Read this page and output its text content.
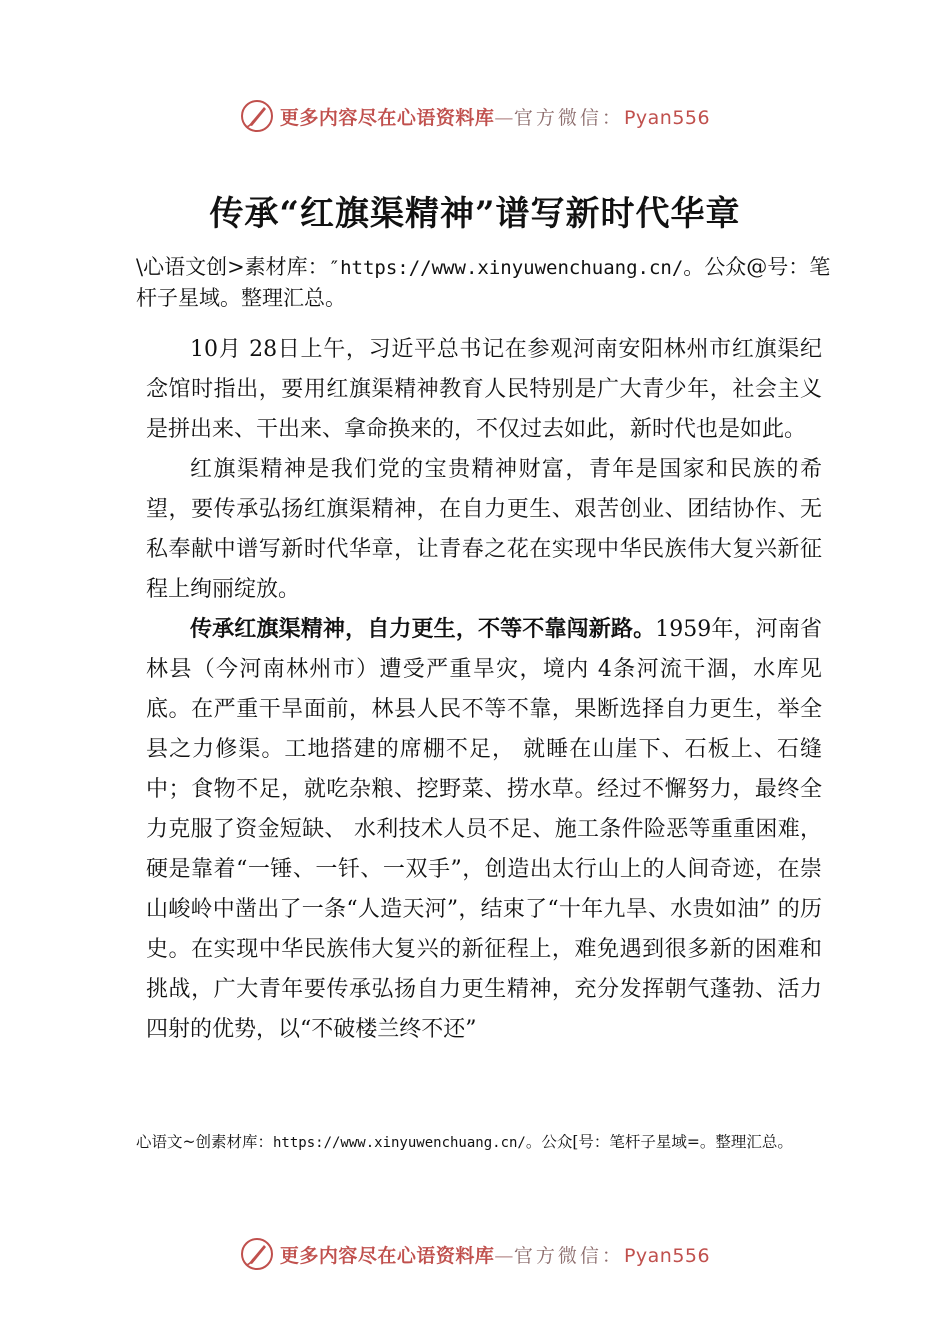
更多内容尽在心语资料库—官方微信：Pyan556
传承“红旗渠精神”谱写新时代华章
\心语文创>素材库：″https://www.xinyuwenchuang.cn/。公众@号：笔杆子星域。整理汇总。

10月 28日上午，习近平总书记在参观河南安阳林州市红旗渠纪念馆时指出，要用红旗渠精神教育人民特别是广大青少年，社会主义是拼出来、干出来、拿命换来的，不仅过去如此，新时代也是如此。

红旗渠精神是我们党的宝贵精神财富，青年是国家和民族的希望，要传承弘扬红旗渠精神，在自力更生、艰苦创业、团结协作、无私奉献中谱写新时代华章，让青春之花在实现中华民族伟大复兴新征程上绚丽绽放。

传承红旗渠精神，自力更生，不等不靠闯新路。1959年，河南省林县（今河南林州市）遭受严重旱灾，境内 4条河流干涸，水库见底。在严重干旱面前，林县人民不等不靠，果断选择自力更生，举全县之力修渠。工地搭建的席棚不足， 就睡在山崖下、石板上、石缝中；食物不足，就吃杂粮、挖野菜、捞水草。经过不懈努力，最终全力克服了资金短缺、 水利技术人员不足、施工条件险恶等重重困难，硬是靠着“一锤、一钎、一双手”，创造出太行山上的人间奇迹，在崇山峻岭中凿出了一条“人造天河”，结束了“十年九旱、水贵如油” 的历史。在实现中华民族伟大复兴的新征程上，难免遇到很多新的困难和挑战，广大青年要传承弘扬自力更生精神，充分发挥朝气蓬勃、活力四射的优势，以“不破楼兰终不还”

心语文~创素材库：https://www.xinyuwenchuang.cn/。公众[号：笔杆子星域=。整理汇总。
更多内容尽在心语资料库—官方微信：Pyan556
